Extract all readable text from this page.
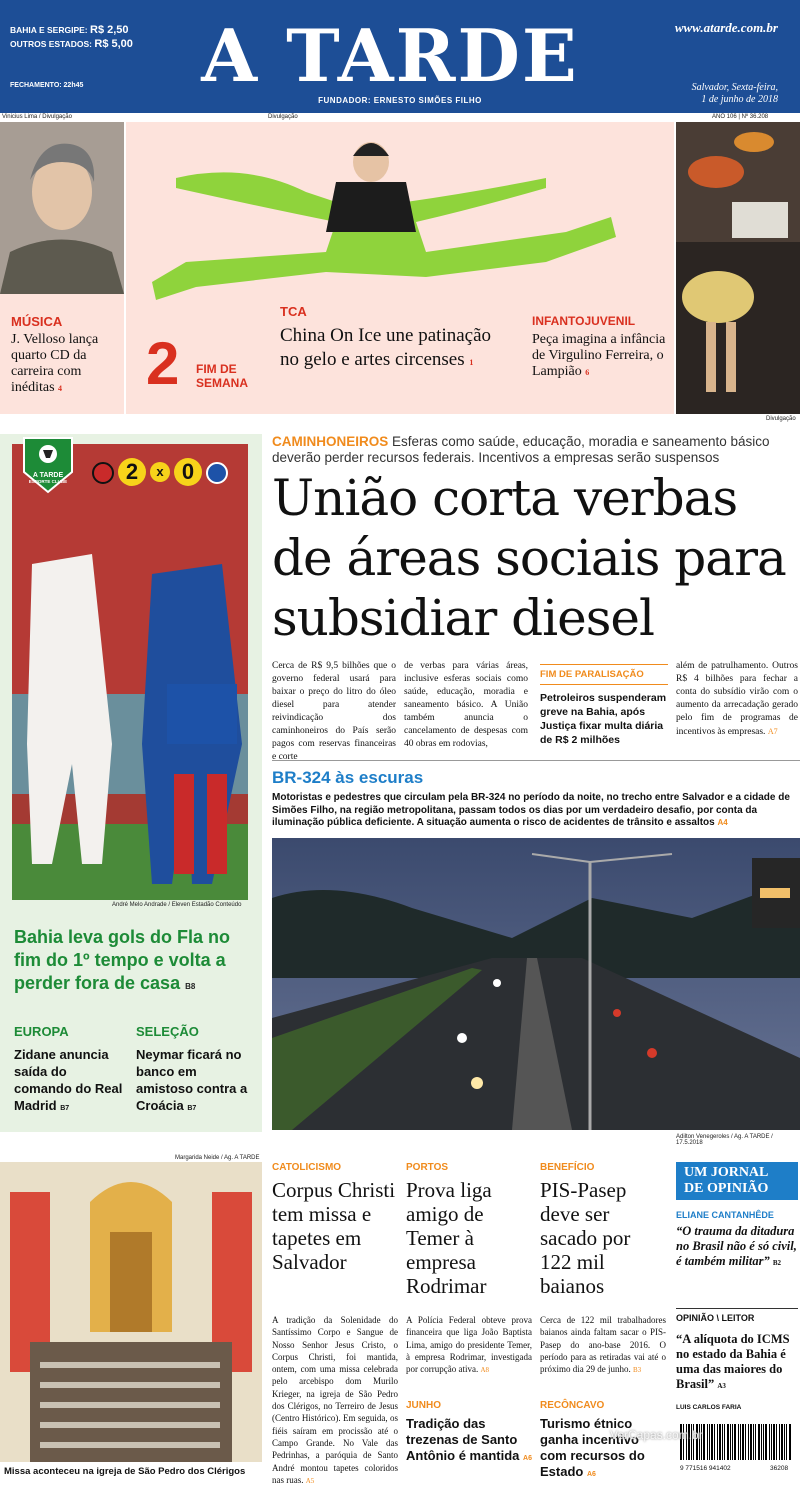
BAHIA E SERGIPE: R$ 2,50
OUTROS ESTADOS: R$ 5,00
FECHAMENTO: 22h45	A TARDE
FUNDADOR: ERNESTO SIMÕES FILHO
www.atarde.com.br
Salvador, Sexta-feira,
1 de junho de 2018
Vinicius Lima / Divulgação	Divulgação	ANO 106 | Nº 36.208
MÚSICA
J. Velloso lança quarto CD da carreira com inéditas 4	2 FIM DE
SEMANA
TCA
China On Ice une patinação no gelo e artes circenses 1
INFANTOJUVENIL
Peça imagina a infância de Virgulino Ferreira, o Lampião 6
Divulgação
A TARDE
ESPORTE CLUBE	2	x 0
André Melo Andrade / Eleven Estadão Conteúdo
Bahia leva gols do Fla no fim do 1º tempo e volta a perder fora de casa B8
EUROPA
Zidane anuncia saída do comando do Real Madrid B7
SELEÇÃO
Neymar ficará no banco em amistoso contra a Croácia B7
CAMINHONEIROS Esferas como saúde, educação, moradia e saneamento básico deverão perder recursos federais. Incentivos a empresas serão suspensos
União corta verbas de áreas sociais para subsidiar diesel
Cerca de R$ 9,5 bilhões que o governo federal usará para baixar o preço do litro do óleo diesel para atender reivindicação dos caminhoneiros do País serão pagos com reservas financeiras e corte
de verbas para várias áreas, inclusive esferas sociais como saúde, educação, moradia e saneamento básico. A União também anuncia o cancelamento de despesas com 40 obras em rodovias,
FIM DE PARALISAÇÃO
Petroleiros suspenderam greve na Bahia, após Justiça fixar multa diária de R$ 2 milhões
além de patrulhamento. Outros R$ 4 bilhões para fechar a conta do subsídio virão com o aumento da arrecadação gerado pelo fim de programas de incentivos às empresas. A7
BR-324 às escuras
Motoristas e pedestres que circulam pela BR-324 no período da noite, no trecho entre Salvador e a cidade de Simões Filho, na região metropolitana, passam todos os dias por um verdadeiro desafio, por conta da iluminação pública deficiente. A situação aumenta o risco de acidentes de trânsito e assaltos A4
Adilton Venegeroles / Ag. A TARDE / 17.5.2018
Margarida Neide / Ag. A TARDE
Missa aconteceu na igreja de São Pedro dos Clérigos
CATOLICISMO
Corpus Christi tem missa e tapetes em Salvador
A tradição da Solenidade do Santíssimo Corpo e Sangue de Nosso Senhor Jesus Cristo, o Corpus Christi, foi mantida, ontem, com uma missa celebrada pelo arcebispo dom Murilo Krieger, na igreja de São Pedro dos Clérigos, no Terreiro de Jesus (Centro Histórico). Em seguida, os fiéis saíram em procissão até o Campo Grande. No Vale das Pedrinhas, a paróquia de Santo André montou tapetes coloridos nas ruas. A5
PORTOS
Prova liga amigo de Temer à empresa Rodrimar
A Polícia Federal obteve prova financeira que liga João Baptista Lima, amigo do presidente Temer, à empresa Rodrimar, investigada por corrupção ativa. A8
JUNHO
Tradição das trezenas de Santo Antônio é mantida A6
BENEFÍCIO
PIS-Pasep deve ser sacado por 122 mil baianos
Cerca de 122 mil trabalhadores baianos ainda faltam sacar o PIS-Pasep do ano-base 2016. O período para as retiradas vai até o próximo dia 29 de junho. B3
RECÔNCAVO
Turismo étnico ganha incentivo com recursos do Estado A6
UM JORNAL
DE OPINIÃO
ELIANE CANTANHÊDE
“O trauma da ditadura no Brasil não é só civil, é também militar” B2
OPINIÃO \ LEITOR
“A alíquota do ICMS no estado da Bahia é uma das maiores do Brasil” A3
LUIS CARLOS FARIA
9 771516 941402	36208
VerCapas.com.br
